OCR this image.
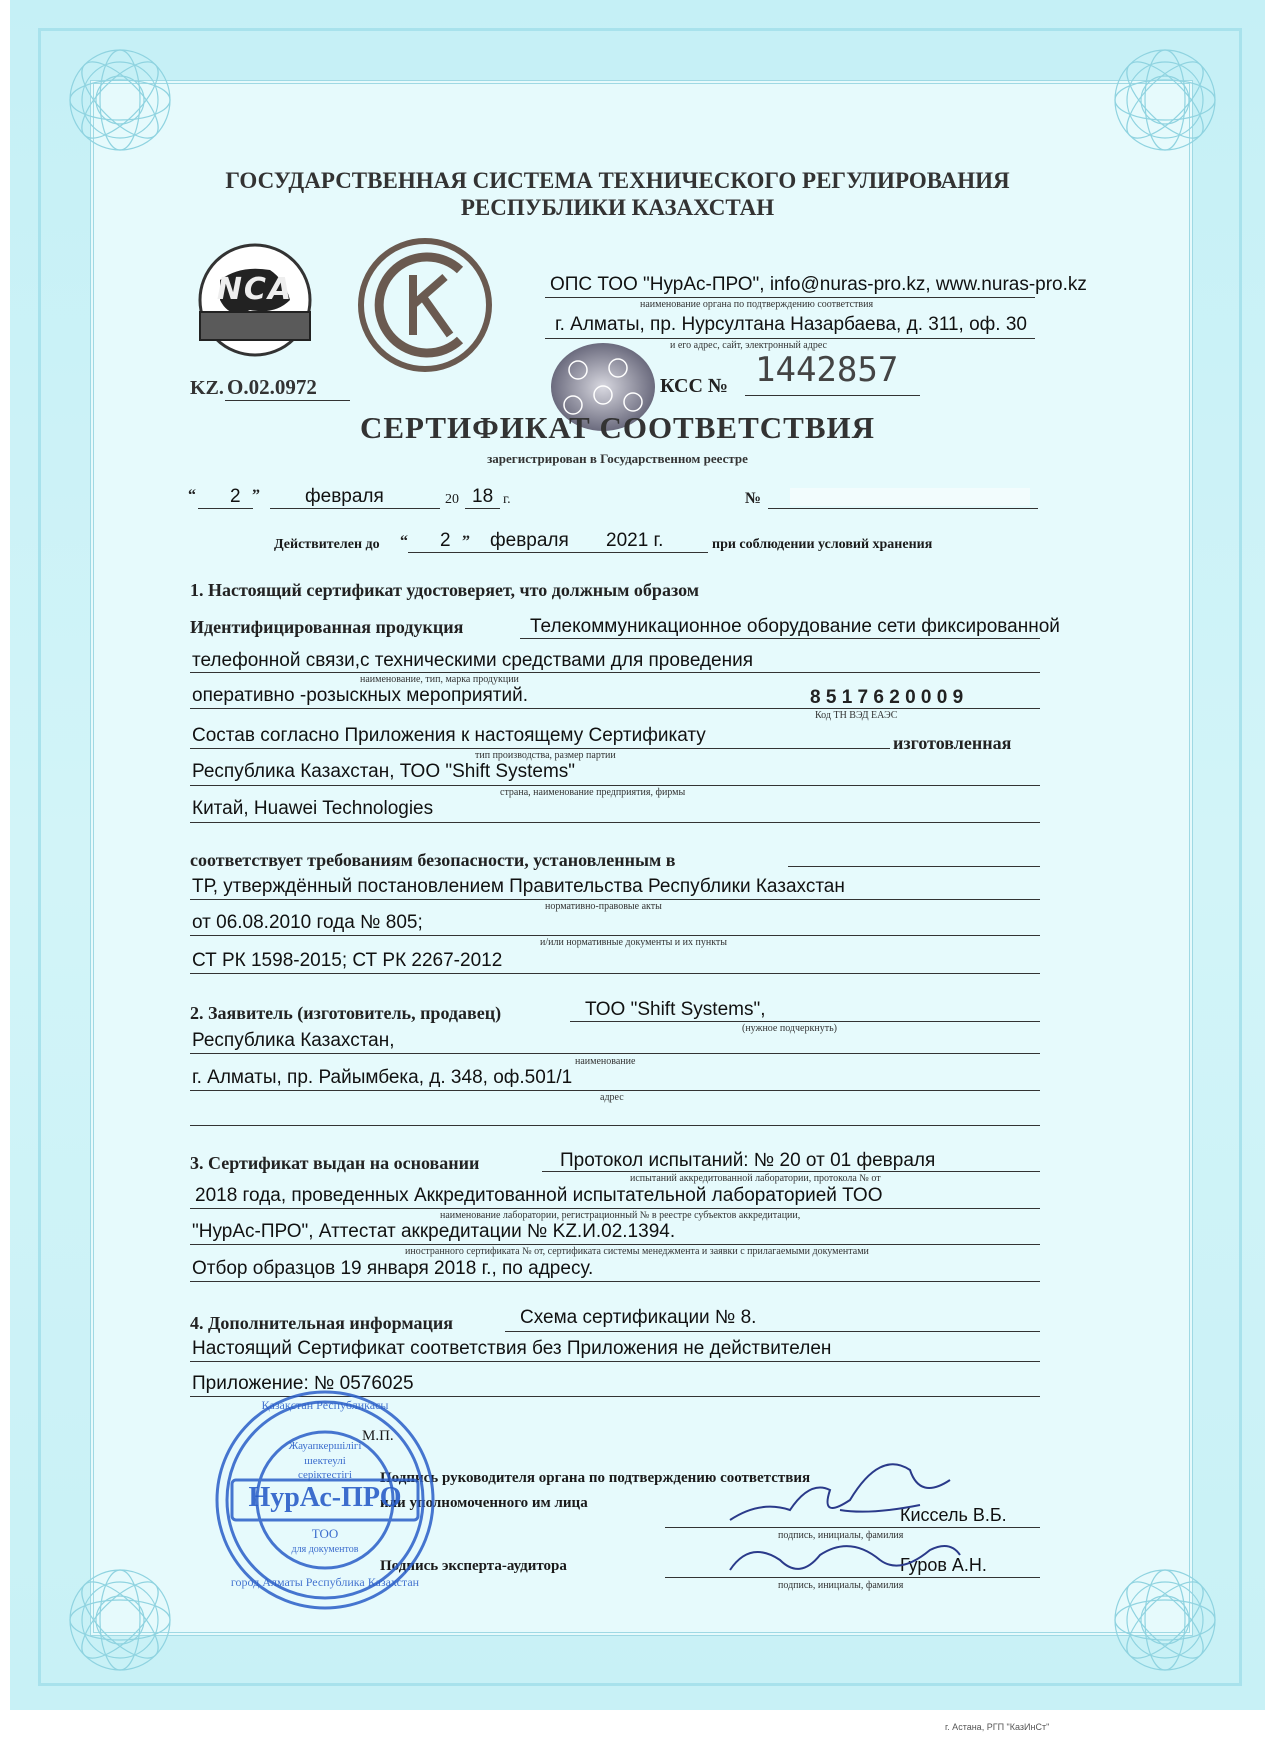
ГОСУДАРСТВЕННАЯ СИСТЕМА ТЕХНИЧЕСКОГО РЕГУЛИРОВАНИЯ
РЕСПУБЛИКИ КАЗАХСТАН
NCA
KZ. О.02.0972
ОПС ТОО "НурАс-ПРО", info@nuras-pro.kz, www.nuras-pro.kz
наименование органа по подтверждению соответствия
г. Алматы, пр. Нурсултана Назарбаева, д. 311, оф. 30
и его адрес, сайт, электронный адрес
КСС № 1442857
СЕРТИФИКАТ СООТВЕТСТВИЯ
зарегистрирован в Государственном реестре
“ 2 ” февраля	20 18 г.	№
Действителен до “ 2 ” февраля 2021 г.	при соблюдении условий хранения
1. Настоящий сертификат удостоверяет, что должным образом
Идентифицированная продукция	Телекоммуникационное оборудование сети фиксированной
телефонной связи,с техническими средствами для проведения
наименование, тип, марка продукции
оперативно -розыскных мероприятий.	8 5 1 7 6 2 0 0 0 9
Код ТН ВЭД ЕАЭС
Состав согласно Приложения к настоящему Сертификату	изготовленная
тип производства, размер партии
Республика Казахстан, ТОО "Shift Systems"
страна, наименование предприятия, фирмы
Китай, Huawei Technologies
соответствует требованиям безопасности, установленным в
ТР, утверждённый постановлением Правительства Республики Казахстан
нормативно-правовые акты
от 06.08.2010 года № 805;
и/или нормативные документы и их пункты
СТ РК 1598-2015; СТ РК 2267-2012
2. Заявитель (изготовитель, продавец)	ТОО "Shift Systems",
(нужное подчеркнуть)
Республика Казахстан,
наименование
г. Алматы, пр. Райымбека, д. 348, оф.501/1
адрес
3. Сертификат выдан на основании	Протокол испытаний: № 20 от 01 февраля
испытаний аккредитованной лаборатории, протокола № от
2018 года, проведенных Аккредитованной испытательной лабораторией ТОО
наименование лаборатории, регистрационный № в реестре субъектов аккредитации,
"НурАс-ПРО", Аттестат аккредитации № KZ.И.02.1394.
иностранного сертификата № от, сертификата системы менеджмента и заявки с прилагаемыми документами
Отбор образцов 19 января 2018 г., по адресу.
4. Дополнительная информация	Схема сертификации № 8.
Настоящий Сертификат соответствия без Приложения не действителен
Приложение: № 0576025
М.П.
Подпись руководителя органа по подтверждению соответствия
или уполномоченного им лица
Киссель В.Б.
подпись, инициалы, фамилия
Подпись эксперта-аудитора	Гуров А.Н.
подпись, инициалы, фамилия
НурАс-ПРО
Жауапкершілігі
шектеулі
серіктестігі
ТОО
для документов
Қазақстан Республикасы
город Алматы Республика Казахстан
г. Астана, РГП "КазИнСт"
